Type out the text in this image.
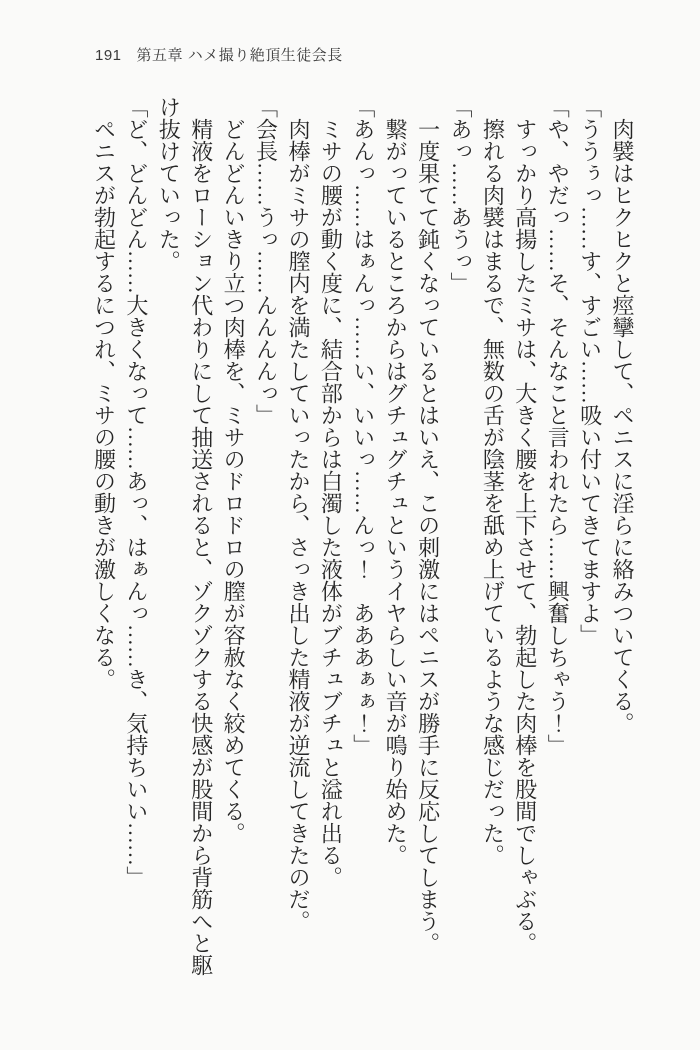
191 第五章 ハメ撮り絶頂生徒会長

肉襞はヒクヒクと痙攣して、ペニスに淫らに絡みついてくる。

「ううぅっ……す、すごい……吸い付いてきてますよ」

「や、やだっ……そ、そんなこと言われたら……興奮しちゃう！」

すっかり高揚したミサは、大きく腰を上下させて、勃起した肉棒を股間でしゃぶる。

擦れる肉襞はまるで、無数の舌が陰茎を舐め上げているような感じだった。

「あっ……あうっ」

一度果てて鈍くなっているとはいえ、この刺激にはペニスが勝手に反応してしまう。

繋がっているところからはグチュグチュというイヤらしい音が鳴り始めた。

「あんっ……はぁんっ……い、いいっ……んっ！　あああぁぁ！」

ミサの腰が動く度に、結合部からは白濁した液体がブチュブチュと溢れ出る。

肉棒がミサの膣内を満たしていったから、さっき出した精液が逆流してきたのだ。

「会長……うっ……んんんんっ」

どんどんいきり立つ肉棒を、ミサのドロドロの膣が容赦なく絞めてくる。

精液をローション代わりにして抽送されると、ゾクゾクする快感が股間から背筋へと駆け抜けていった。

「ど、どんどん……大きくなって……あっ、はぁんっ……き、気持ちいい……」

ペニスが勃起するにつれ、ミサの腰の動きが激しくなる。
